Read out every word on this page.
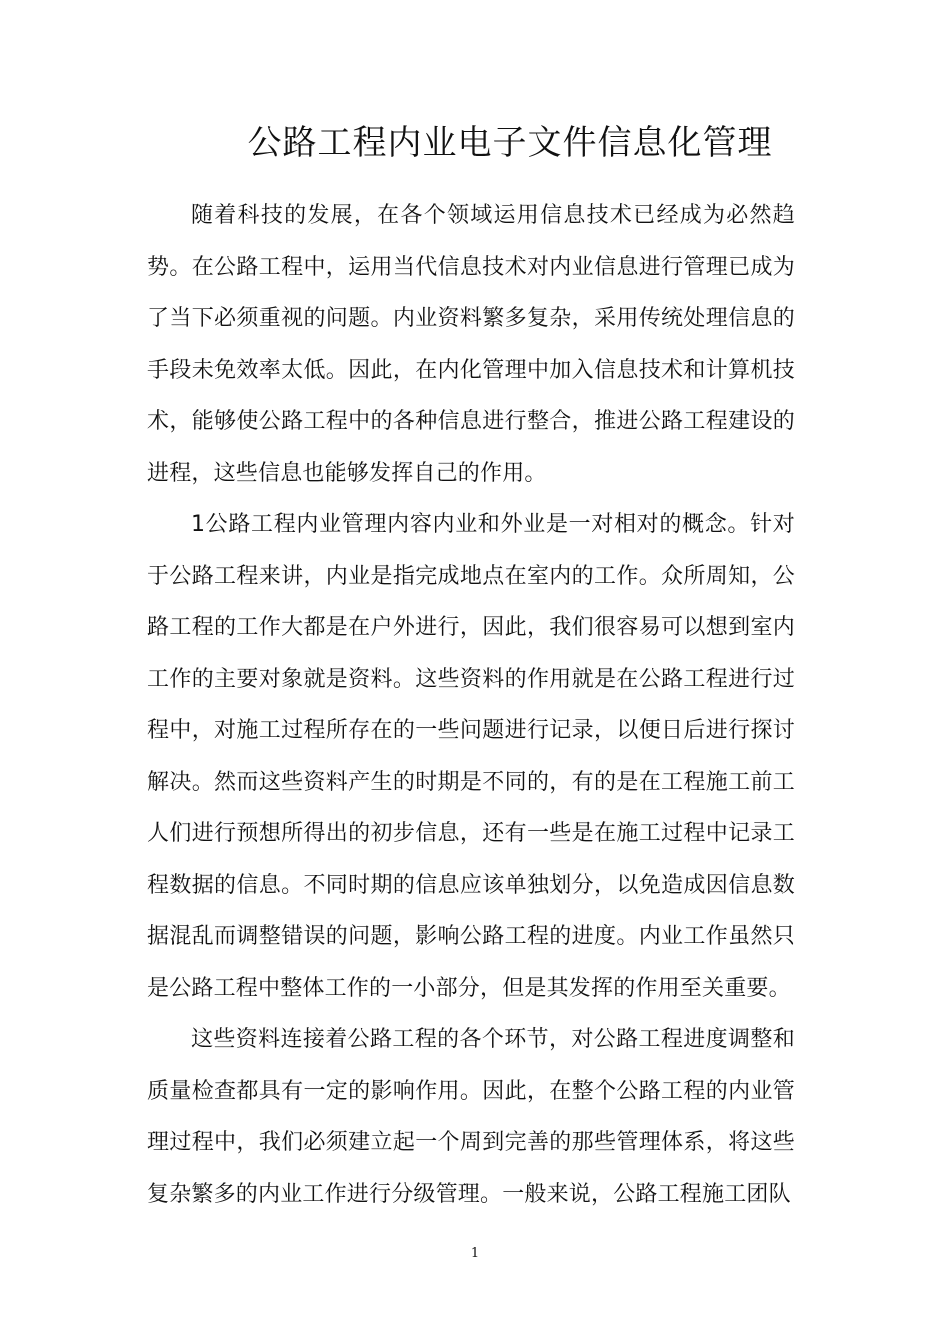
公路工程内业电子文件信息化管理

随着科技的发展，在各个领域运用信息技术已经成为必然趋势。在公路工程中，运用当代信息技术对内业信息进行管理已成为了当下必须重视的问题。内业资料繁多复杂，采用传统处理信息的手段未免效率太低。因此，在内化管理中加入信息技术和计算机技术，能够使公路工程中的各种信息进行整合，推进公路工程建设的进程，这些信息也能够发挥自己的作用。

1公路工程内业管理内容内业和外业是一对相对的概念。针对于公路工程来讲，内业是指完成地点在室内的工作。众所周知，公路工程的工作大都是在户外进行，因此，我们很容易可以想到室内工作的主要对象就是资料。这些资料的作用就是在公路工程进行过程中，对施工过程所存在的一些问题进行记录，以便日后进行探讨解决。然而这些资料产生的时期是不同的，有的是在工程施工前工人们进行预想所得出的初步信息，还有一些是在施工过程中记录工程数据的信息。不同时期的信息应该单独划分，以免造成因信息数据混乱而调整错误的问题，影响公路工程的进度。内业工作虽然只是公路工程中整体工作的一小部分，但是其发挥的作用至关重要。

这些资料连接着公路工程的各个环节，对公路工程进度调整和质量检查都具有一定的影响作用。因此，在整个公路工程的内业管理过程中，我们必须建立起一个周到完善的那些管理体系，将这些复杂繁多的内业工作进行分级管理。一般来说，公路工程施工团队

1
